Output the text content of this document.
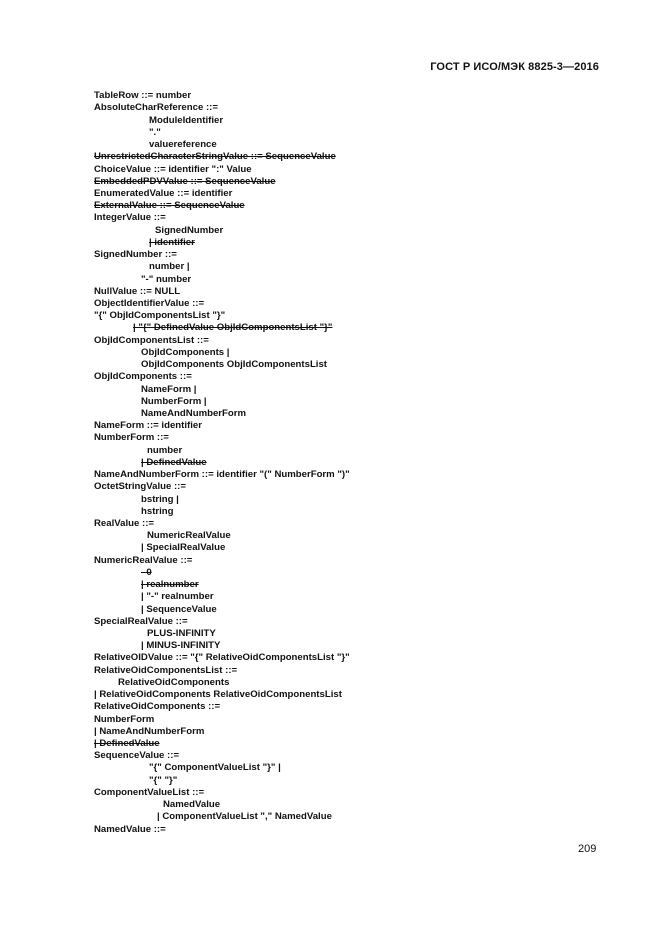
ГОСТ Р ИСО/МЭК 8825-3—2016
TableRow ::= number
AbsoluteCharReference ::=
ModuleIdentifier
"."
valuereference
UnrestrictedCharacterStringValue ::= SequenceValue
ChoiceValue ::= identifier ":" Value
EmbeddedPDVValue ::= SequenceValue
EnumeratedValue ::= identifier
ExternalValue ::= SequenceValue
IntegerValue ::=
SignedNumber
| identifier
SignedNumber ::=
number |
"-" number
NullValue ::= NULL
ObjectIdentifierValue ::=
"{" ObjIdComponentsList "}"
| "{" DefinedValue ObjIdComponentsList "}"
ObjIdComponentsList ::=
ObjIdComponents |
ObjIdComponents ObjIdComponentsList
ObjIdComponents ::=
NameForm |
NumberForm |
NameAndNumberForm
NameForm ::= identifier
NumberForm ::=
number
| DefinedValue
NameAndNumberForm ::= identifier "(" NumberForm ")"
OctetStringValue ::=
bstring |
hstring
RealValue ::=
NumericRealValue
| SpecialRealValue
NumericRealValue ::=
0
| realnumber
| "-" realnumber
| SequenceValue
SpecialRealValue ::=
PLUS-INFINITY
| MINUS-INFINITY
RelativeOIDValue ::= "{" RelativeOidComponentsList "}"
RelativeOidComponentsList ::=
RelativeOidComponents
| RelativeOidComponents RelativeOidComponentsList
RelativeOidComponents ::=
NumberForm
| NameAndNumberForm
| DefinedValue
SequenceValue ::=
"{" ComponentValueList "}" |
"{" "}"
ComponentValueList ::=
NamedValue
| ComponentValueList "," NamedValue
NamedValue ::=
209
